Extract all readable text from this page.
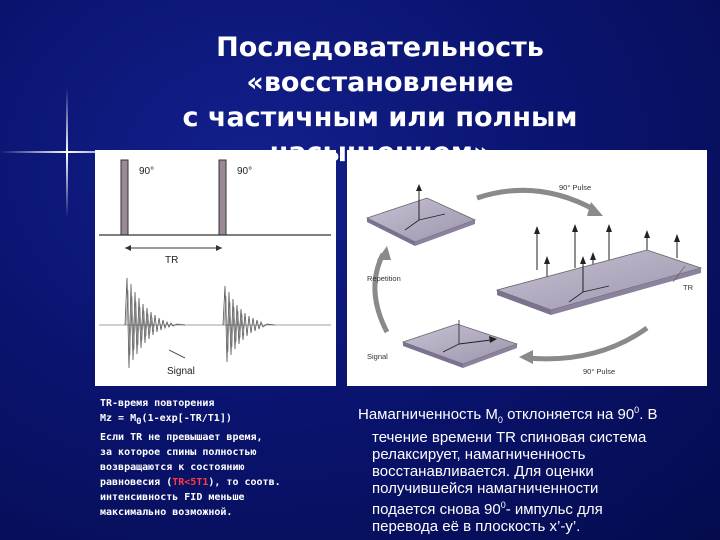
Последовательность «восстановление
с частичным или полным
90°	90°
TR
Signal
90° Pulse
TR
Repetition
Signal
90° Pulse
TR-время повторения
$Mz = M_0(1-\exp[-TR/T1])$
Если TR не превышает время,
за которое спины полностью
возвращаются к состоянию
равновесия (TR<5T1), то соотв.
интенсивность FID меньше
максимально возможной.

Намагниченность $M_0$ отклоняется на $90^0$. В
течение времени TR спиновая система
релаксирует, намагниченность
восстанавливается. Для оценки
получившейся намагниченности
подается снова $90^0-$ импульс для
перевода её в плоскость x’-y’.
